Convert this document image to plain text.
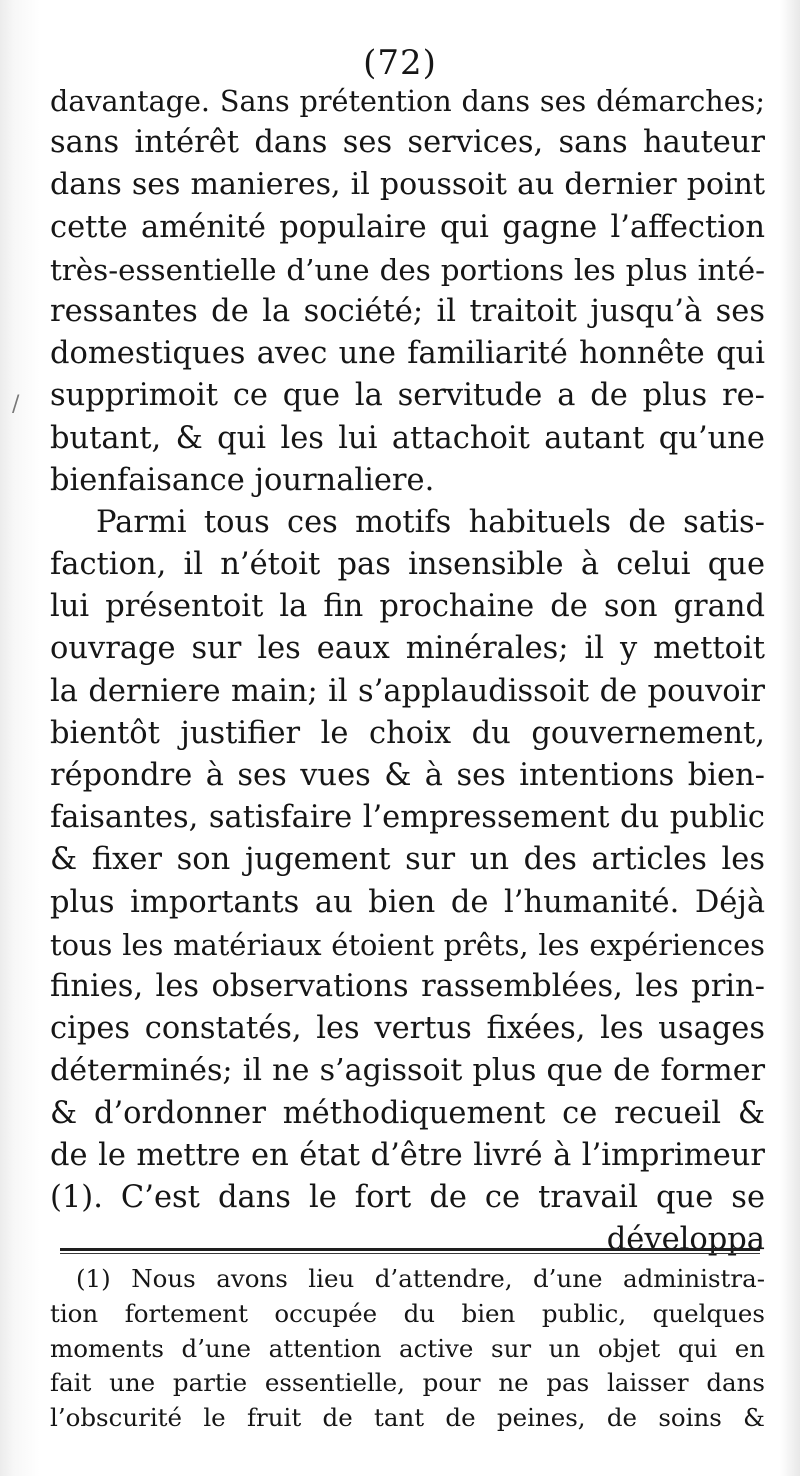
(72)
/
davantage. Sans prétention dans ses démarches;
sans intérêt dans ses services, sans hauteur
dans ses manieres, il poussoit au dernier point
cette aménité populaire qui gagne l’affection
très-essentielle d’une des portions les plus inté-
ressantes de la société; il traitoit jusqu’à ses
domestiques avec une familiarité honnête qui
supprimoit ce que la servitude a de plus re-
butant, & qui les lui attachoit autant qu’une
bienfaisance journaliere.
Parmi tous ces motifs habituels de satis-
faction, il n’étoit pas insensible à celui que
lui présentoit la fin prochaine de son grand
ouvrage sur les eaux minérales; il y mettoit
la derniere main; il s’applaudissoit de pouvoir
bientôt justifier le choix du gouvernement,
répondre à ses vues & à ses intentions bien-
faisantes, satisfaire l’empressement du public
& fixer son jugement sur un des articles les
plus importants au bien de l’humanité. Déjà
tous les matériaux étoient prêts, les expériences
finies, les observations rassemblées, les prin-
cipes constatés, les vertus fixées, les usages
déterminés; il ne s’agissoit plus que de former
& d’ordonner méthodiquement ce recueil &
de le mettre en état d’être livré à l’imprimeur
(1). C’est dans le fort de ce travail que se
développa
(1) Nous avons lieu d’attendre, d’une administra-
tion fortement occupée du bien public, quelques
moments d’une attention active sur un objet qui en
fait une partie essentielle, pour ne pas laisser dans
l’obscurité le fruit de tant de peines, de soins &
